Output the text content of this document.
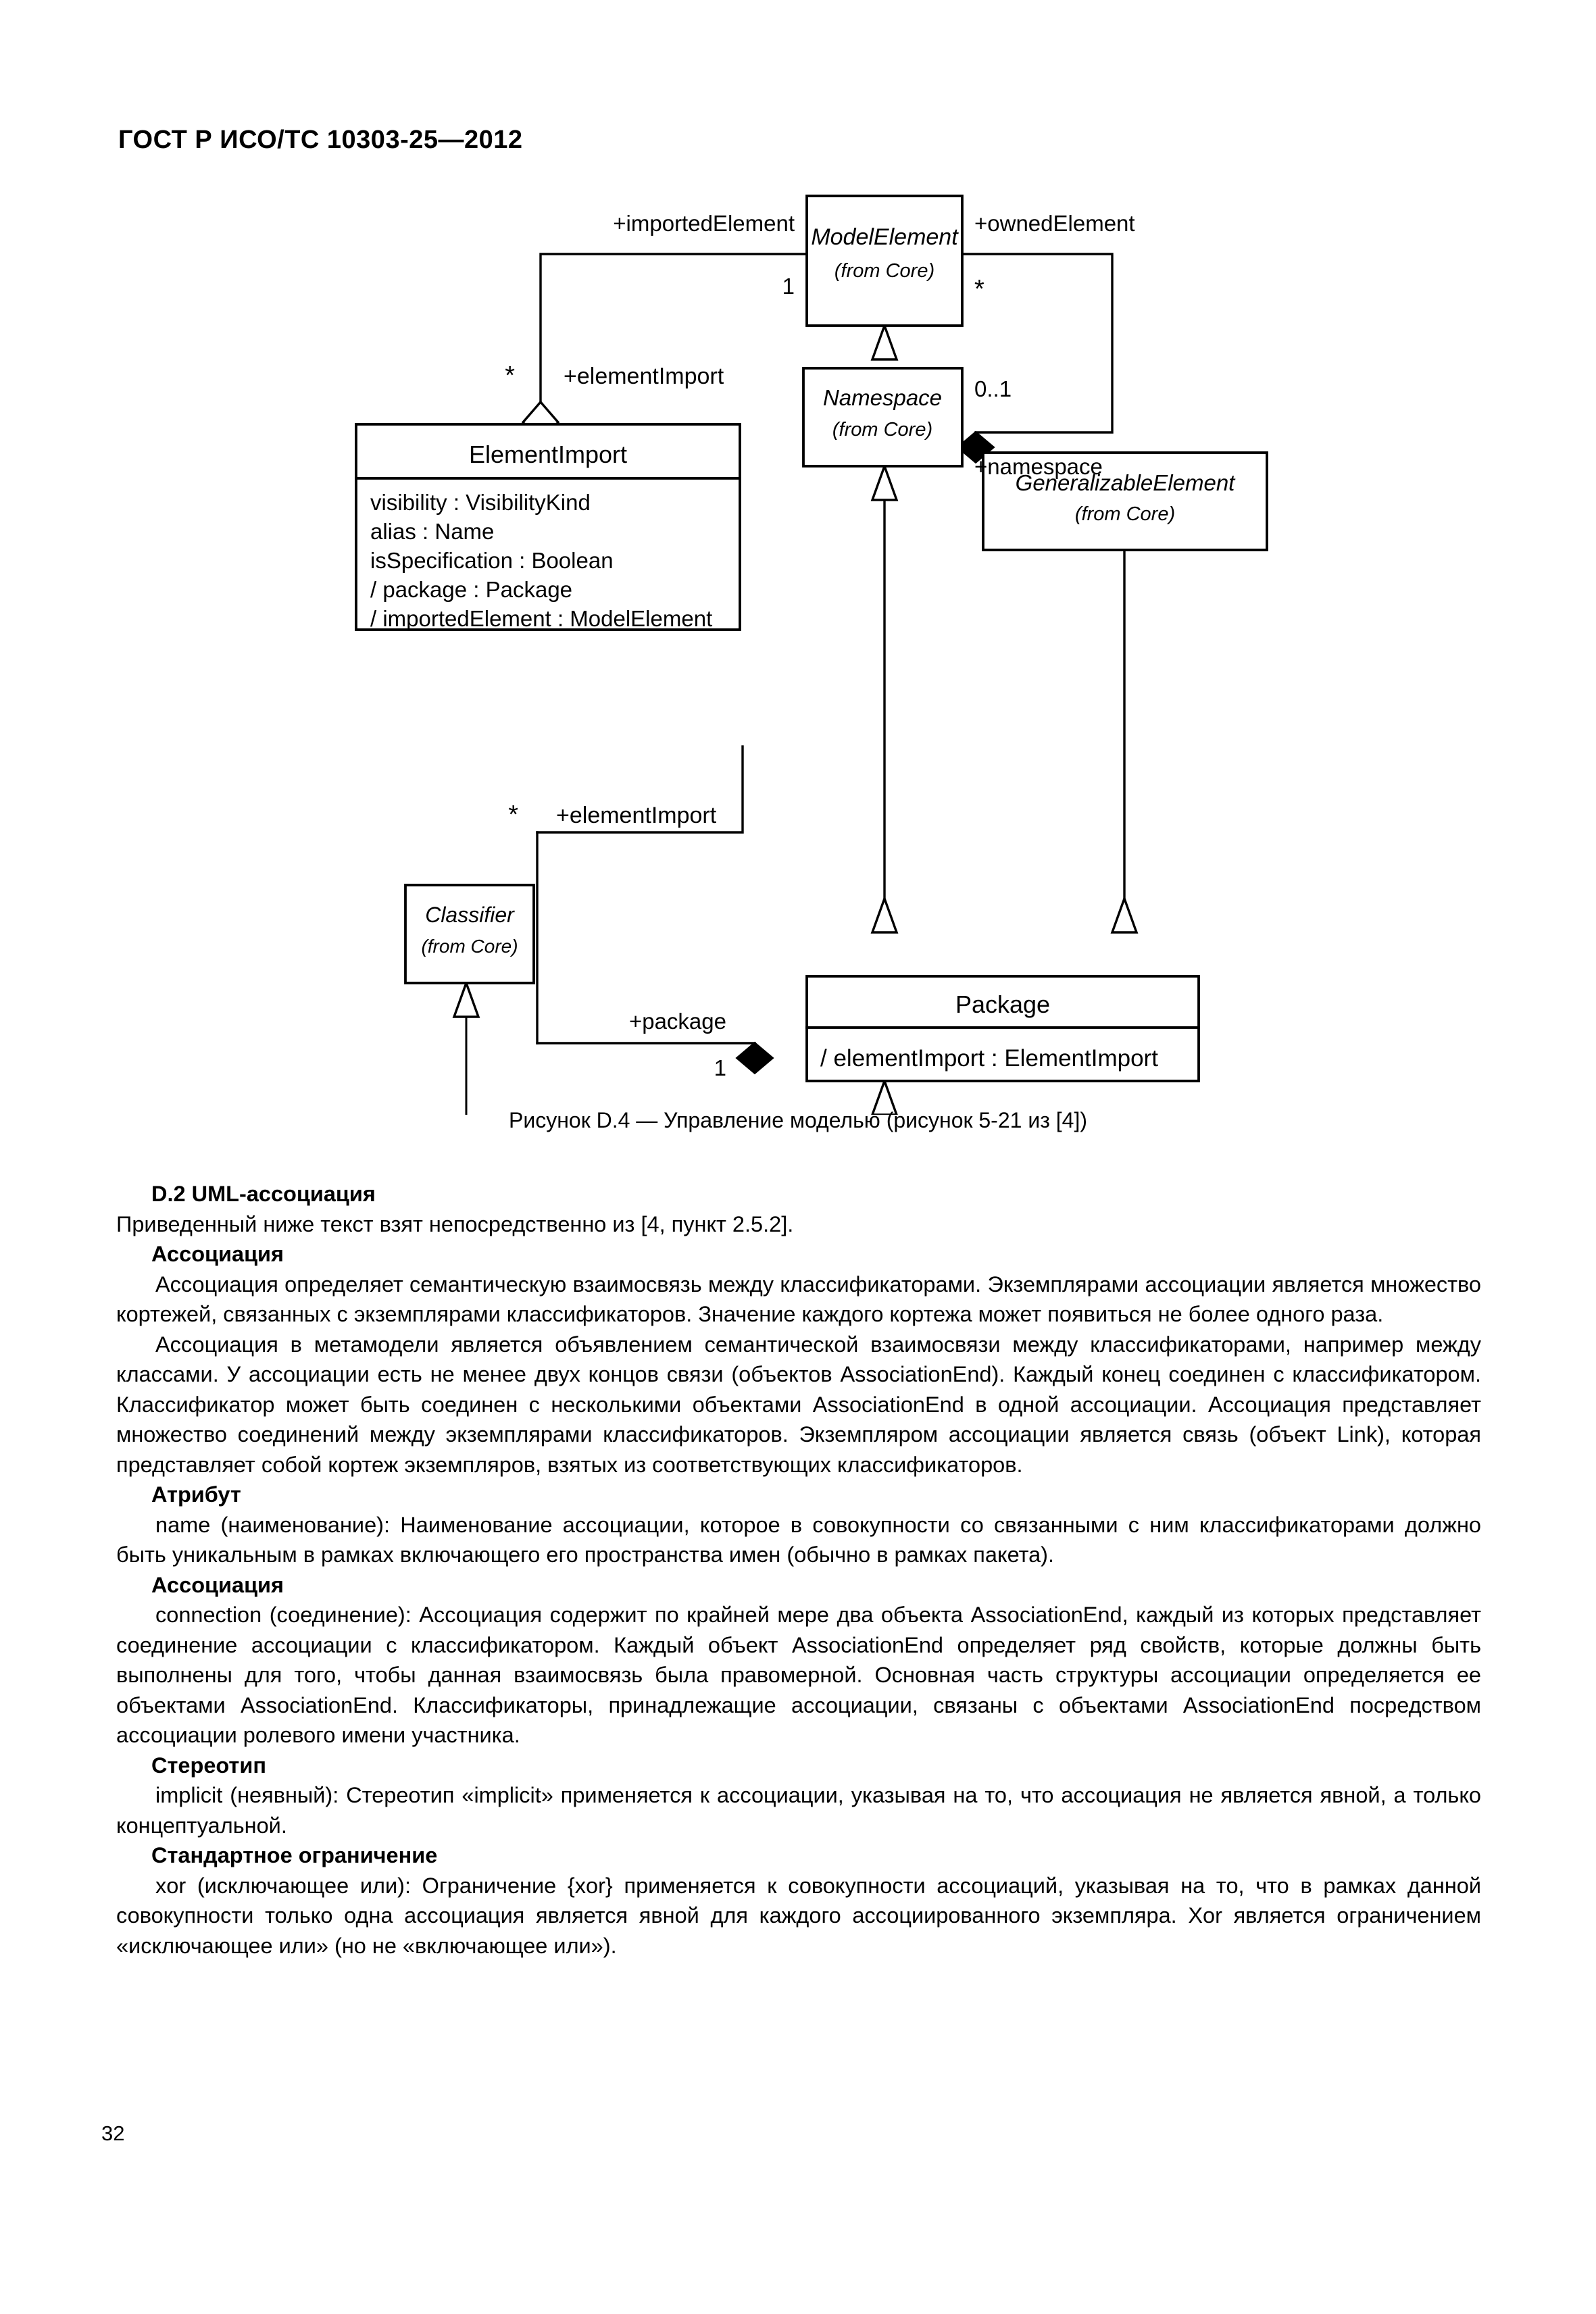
ГОСТ Р ИСО/ТС 10303-25—2012
ModelElement
(from Core)
Namespace
(from Core)
GeneralizableElement
(from Core)
ElementImport
visibility : VisibilityKind
alias : Name
isSpecification : Boolean
/ package : Package
/ importedElement : ModelElement
Classifier
(from Core)
Package
/ elementImport : ElementImport
+importedElement
1
+ownedElement
*
* +elementImport	0..1
+namespace
* +elementImport
+package
1
Рисунок D.4 — Управление моделью (рисунок 5-21 из [4])

D.2 UML-ассоциация

Приведенный ниже текст взят непосредственно из [4, пункт 2.5.2].

Ассоциация

Ассоциация определяет семантическую взаимосвязь между классификаторами. Экземплярами ассоциации является множество кортежей, связанных с экземплярами классификаторов. Значение каждого кортежа может появиться не более одного раза.

Ассоциация в метамодели является объявлением семантической взаимосвязи между классификаторами, например между классами. У ассоциации есть не менее двух концов связи (объектов AssociationEnd). Каждый конец соединен с классификатором. Классификатор может быть соединен с несколькими объектами AssociationEnd в одной ассоциации. Ассоциация представляет множество соединений между экземплярами классификаторов. Экземпляром ассоциации является связь (объект Link), которая представляет собой кортеж экземпляров, взятых из соответствующих классификаторов.

Атрибут

name (наименование): Наименование ассоциации, которое в совокупности со связанными с ним классификаторами должно быть уникальным в рамках включающего его пространства имен (обычно в рамках пакета).

Ассоциация

connection (соединение): Ассоциация содержит по крайней мере два объекта AssociationEnd, каждый из которых представляет соединение ассоциации с классификатором. Каждый объект AssociationEnd определяет ряд свойств, которые должны быть выполнены для того, чтобы данная взаимосвязь была правомерной. Основная часть структуры ассоциации определяется ее объектами AssociationEnd. Классификаторы, принадлежащие ассоциации, связаны с объектами AssociationEnd посредством ассоциации ролевого имени участника.

Стереотип

implicit (неявный): Стереотип «implicit» применяется к ассоциации, указывая на то, что ассоциация не является явной, а только концептуальной.

Стандартное ограничение

xor (исключающее или): Ограничение {xor} применяется к совокупности ассоциаций, указывая на то, что в рамках данной совокупности только одна ассоциация является явной для каждого ассоциированного экземпляра. Xor является ограничением «исключающее или» (но не «включающее или»).

32
